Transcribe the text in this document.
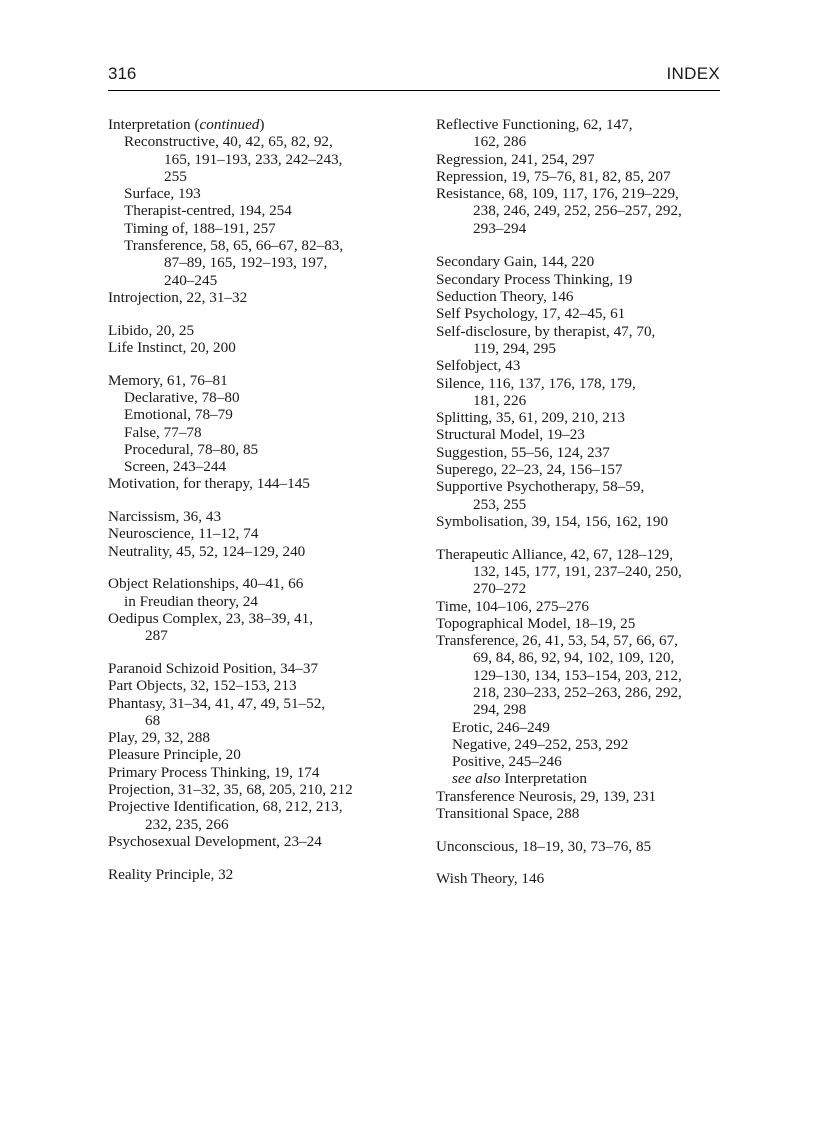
316	INDEX
Interpretation (continued)
Reconstructive, 40, 42, 65, 82, 92,
165, 191–193, 233, 242–243,
255
Surface, 193
Therapist-centred, 194, 254
Timing of, 188–191, 257
Transference, 58, 65, 66–67, 82–83,
87–89, 165, 192–193, 197,
240–245
Introjection, 22, 31–32
Libido, 20, 25
Life Instinct, 20, 200
Memory, 61, 76–81
Declarative, 78–80
Emotional, 78–79
False, 77–78
Procedural, 78–80, 85
Screen, 243–244
Motivation, for therapy, 144–145
Narcissism, 36, 43
Neuroscience, 11–12, 74
Neutrality, 45, 52, 124–129, 240
Object Relationships, 40–41, 66
in Freudian theory, 24
Oedipus Complex, 23, 38–39, 41,
287
Paranoid Schizoid Position, 34–37
Part Objects, 32, 152–153, 213
Phantasy, 31–34, 41, 47, 49, 51–52,
68
Play, 29, 32, 288
Pleasure Principle, 20
Primary Process Thinking, 19, 174
Projection, 31–32, 35, 68, 205, 210, 212
Projective Identification, 68, 212, 213,
232, 235, 266
Psychosexual Development, 23–24
Reality Principle, 32
Reflective Functioning, 62, 147,
162, 286
Regression, 241, 254, 297
Repression, 19, 75–76, 81, 82, 85, 207
Resistance, 68, 109, 117, 176, 219–229,
238, 246, 249, 252, 256–257, 292,
293–294
Secondary Gain, 144, 220
Secondary Process Thinking, 19
Seduction Theory, 146
Self Psychology, 17, 42–45, 61
Self-disclosure, by therapist, 47, 70,
119, 294, 295
Selfobject, 43
Silence, 116, 137, 176, 178, 179,
181, 226
Splitting, 35, 61, 209, 210, 213
Structural Model, 19–23
Suggestion, 55–56, 124, 237
Superego, 22–23, 24, 156–157
Supportive Psychotherapy, 58–59,
253, 255
Symbolisation, 39, 154, 156, 162, 190
Therapeutic Alliance, 42, 67, 128–129,
132, 145, 177, 191, 237–240, 250,
270–272
Time, 104–106, 275–276
Topographical Model, 18–19, 25
Transference, 26, 41, 53, 54, 57, 66, 67,
69, 84, 86, 92, 94, 102, 109, 120,
129–130, 134, 153–154, 203, 212,
218, 230–233, 252–263, 286, 292,
294, 298
Erotic, 246–249
Negative, 249–252, 253, 292
Positive, 245–246
see also Interpretation
Transference Neurosis, 29, 139, 231
Transitional Space, 288
Unconscious, 18–19, 30, 73–76, 85
Wish Theory, 146
